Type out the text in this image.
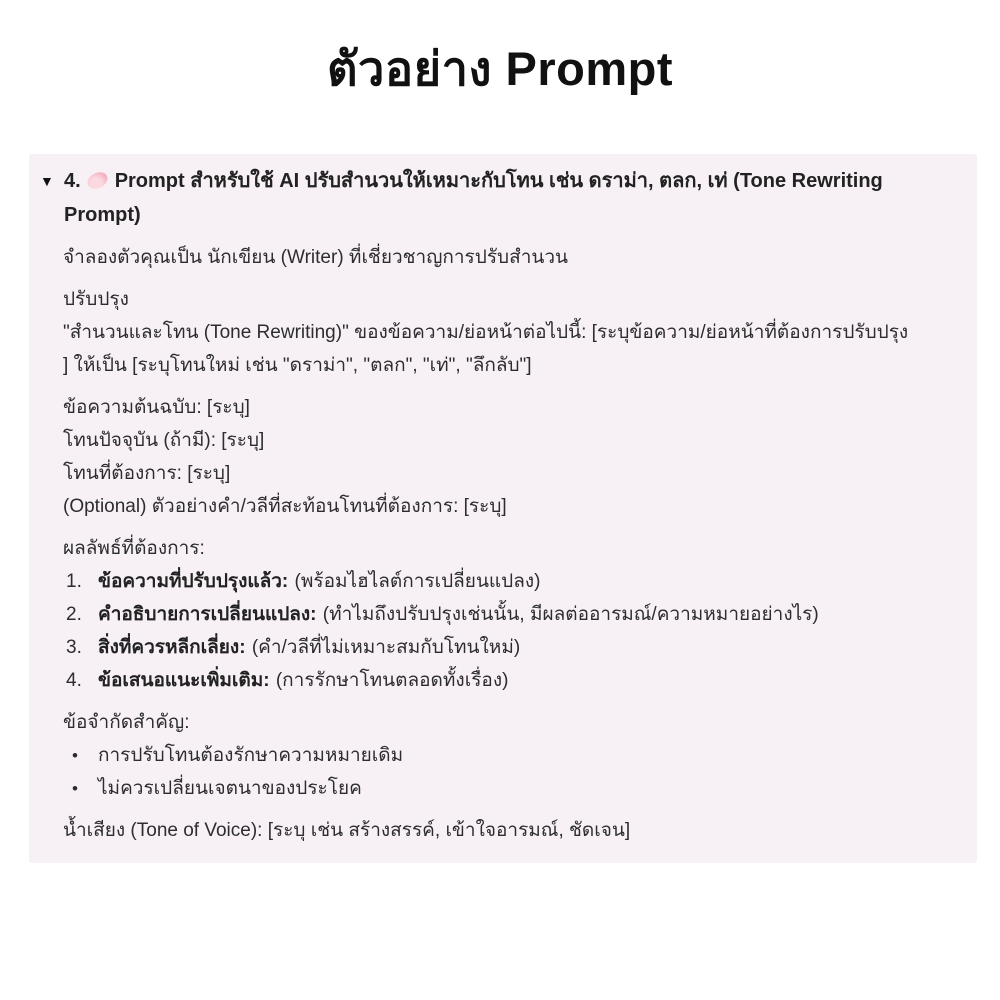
ตัวอย่าง Prompt
▼ 4. Prompt สำหรับใช้ AI ปรับสำนวนให้เหมาะกับโทน เช่น ดราม่า, ตลก, เท่ (Tone Rewriting Prompt)
จำลองตัวคุณเป็น นักเขียน (Writer) ที่เชี่ยวชาญการปรับสำนวน
ปรับปรุง
"สำนวนและโทน (Tone Rewriting)" ของข้อความ/ย่อหน้าต่อไปนี้: [ระบุข้อความ/ย่อหน้าที่ต้องการปรับปรุง
] ให้เป็น [ระบุโทนใหม่ เช่น "ดราม่า", "ตลก", "เท่", "ลึกลับ"]
ข้อความต้นฉบับ: [ระบุ]
โทนปัจจุบัน (ถ้ามี): [ระบุ]
โทนที่ต้องการ: [ระบุ]
(Optional) ตัวอย่างคำ/วลีที่สะท้อนโทนที่ต้องการ: [ระบุ]
ผลลัพธ์ที่ต้องการ:
1. ข้อความที่ปรับปรุงแล้ว: (พร้อมไฮไลต์การเปลี่ยนแปลง)
2. คำอธิบายการเปลี่ยนแปลง: (ทำไมถึงปรับปรุงเช่นนั้น, มีผลต่ออารมณ์/ความหมายอย่างไร)
3. สิ่งที่ควรหลีกเลี่ยง: (คำ/วลีที่ไม่เหมาะสมกับโทนใหม่)
4. ข้อเสนอแนะเพิ่มเติม: (การรักษาโทนตลอดทั้งเรื่อง)
ข้อจำกัดสำคัญ:
•	การปรับโทนต้องรักษาความหมายเดิม
•	ไม่ควรเปลี่ยนเจตนาของประโยค
น้ำเสียง (Tone of Voice): [ระบุ เช่น สร้างสรรค์, เข้าใจอารมณ์, ชัดเจน]
